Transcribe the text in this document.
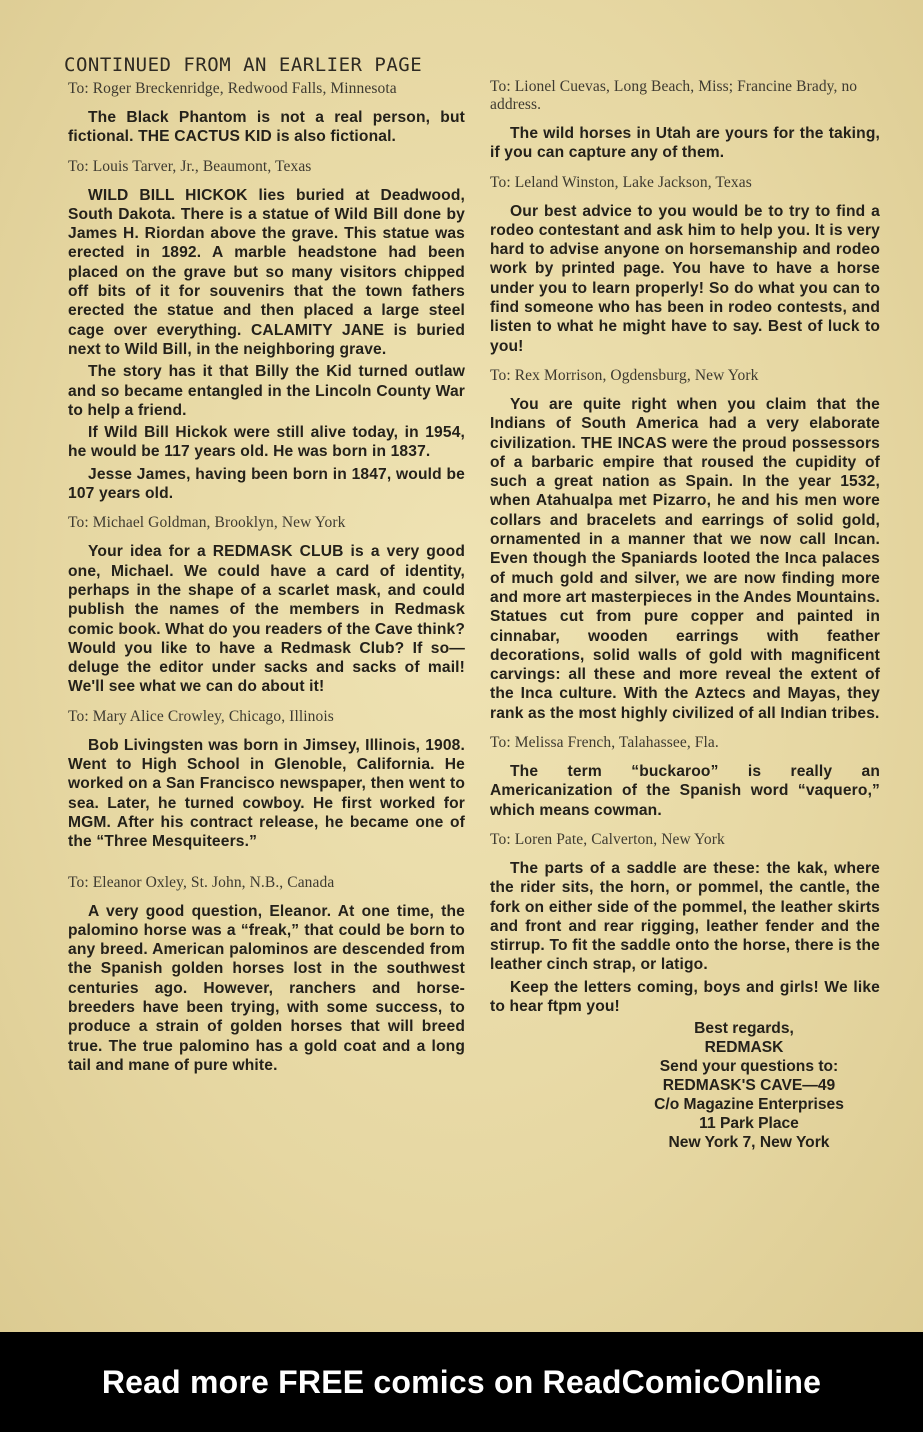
CONTINUED FROM AN EARLIER PAGE
To: Roger Breckenridge, Redwood Falls, Minnesota

The Black Phantom is not a real person, but fictional. THE CACTUS KID is also fictional.

To: Louis Tarver, Jr., Beaumont, Texas

WILD BILL HICKOK lies buried at Deadwood, South Dakota. There is a statue of Wild Bill done by James H. Riordan above the grave. This statue was erected in 1892. A marble headstone had been placed on the grave but so many visitors chipped off bits of it for souvenirs that the town fathers erected the statue and then placed a large steel cage over everything. CALAMITY JANE is buried next to Wild Bill, in the neighboring grave.

The story has it that Billy the Kid turned outlaw and so became entangled in the Lincoln County War to help a friend.

If Wild Bill Hickok were still alive today, in 1954, he would be 117 years old. He was born in 1837.

Jesse James, having been born in 1847, would be 107 years old.

To: Michael Goldman, Brooklyn, New York

Your idea for a REDMASK CLUB is a very good one, Michael. We could have a card of identity, perhaps in the shape of a scarlet mask, and could publish the names of the members in Redmask comic book. What do you readers of the Cave think? Would you like to have a Redmask Club? If so—deluge the editor under sacks and sacks of mail! We'll see what we can do about it!

To: Mary Alice Crowley, Chicago, Illinois

Bob Livingsten was born in Jimsey, Illinois, 1908. Went to High School in Glenoble, California. He worked on a San Francisco newspaper, then went to sea. Later, he turned cowboy. He first worked for MGM. After his contract release, he became one of the “Three Mesquiteers.”

To: Eleanor Oxley, St. John, N.B., Canada

A very good question, Eleanor. At one time, the palomino horse was a “freak,” that could be born to any breed. American palominos are descended from the Spanish golden horses lost in the southwest centuries ago. However, ranchers and horse-breeders have been trying, with some success, to produce a strain of golden horses that will breed true. The true palomino has a gold coat and a long tail and mane of pure white.

To: Lionel Cuevas, Long Beach, Miss; Francine Brady, no address.

The wild horses in Utah are yours for the taking, if you can capture any of them.

To: Leland Winston, Lake Jackson, Texas

Our best advice to you would be to try to find a rodeo contestant and ask him to help you. It is very hard to advise anyone on horsemanship and rodeo work by printed page. You have to have a horse under you to learn properly! So do what you can to find someone who has been in rodeo contests, and listen to what he might have to say. Best of luck to you!

To: Rex Morrison, Ogdensburg, New York

You are quite right when you claim that the Indians of South America had a very elaborate civilization. THE INCAS were the proud possessors of a barbaric empire that roused the cupidity of such a great nation as Spain. In the year 1532, when Atahualpa met Pizarro, he and his men wore collars and bracelets and earrings of solid gold, ornamented in a manner that we now call Incan. Even though the Spaniards looted the Inca palaces of much gold and silver, we are now finding more and more art masterpieces in the Andes Mountains. Statues cut from pure copper and painted in cinnabar, wooden earrings with feather decorations, solid walls of gold with magnificent carvings: all these and more reveal the extent of the Inca culture. With the Aztecs and Mayas, they rank as the most highly civilized of all Indian tribes.

To: Melissa French, Talahassee, Fla.

The term “buckaroo” is really an Americanization of the Spanish word “vaquero,” which means cowman.

To: Loren Pate, Calverton, New York

The parts of a saddle are these: the kak, where the rider sits, the horn, or pommel, the cantle, the fork on either side of the pommel, the leather skirts and front and rear rigging, leather fender and the stirrup. To fit the saddle onto the horse, there is the leather cinch strap, or latigo.

Keep the letters coming, boys and girls! We like to hear ftpm you!

Best regards,
REDMASK
Send your questions to:
REDMASK'S CAVE—49
C/o Magazine Enterprises
11 Park Place
New York 7, New York
Read more FREE comics on ReadComicOnline
